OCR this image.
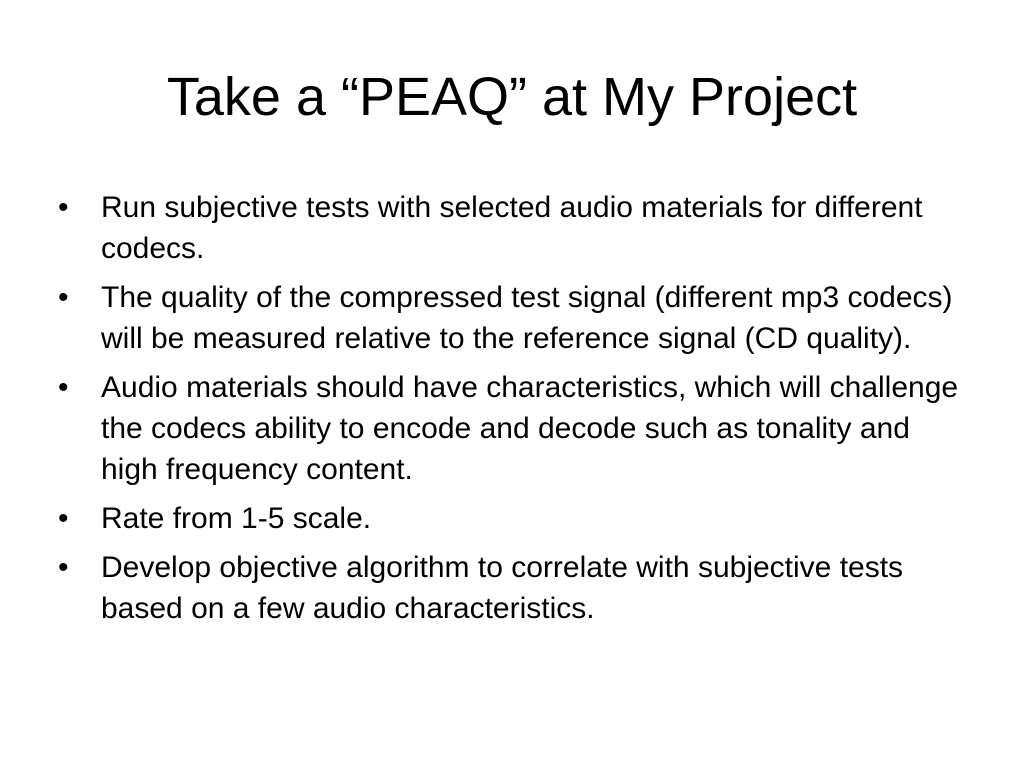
Take a “PEAQ” at My Project
•	Run subjective tests with selected audio materials for different codecs.
•	The quality of the compressed test signal (different mp3 codecs) will be measured relative to the reference signal (CD quality).
•	Audio materials should have characteristics, which will challenge the codecs ability to encode and decode such as tonality and high frequency content.
•	Rate from 1-5 scale.
•	Develop objective algorithm to correlate with subjective tests based on a few audio characteristics.
